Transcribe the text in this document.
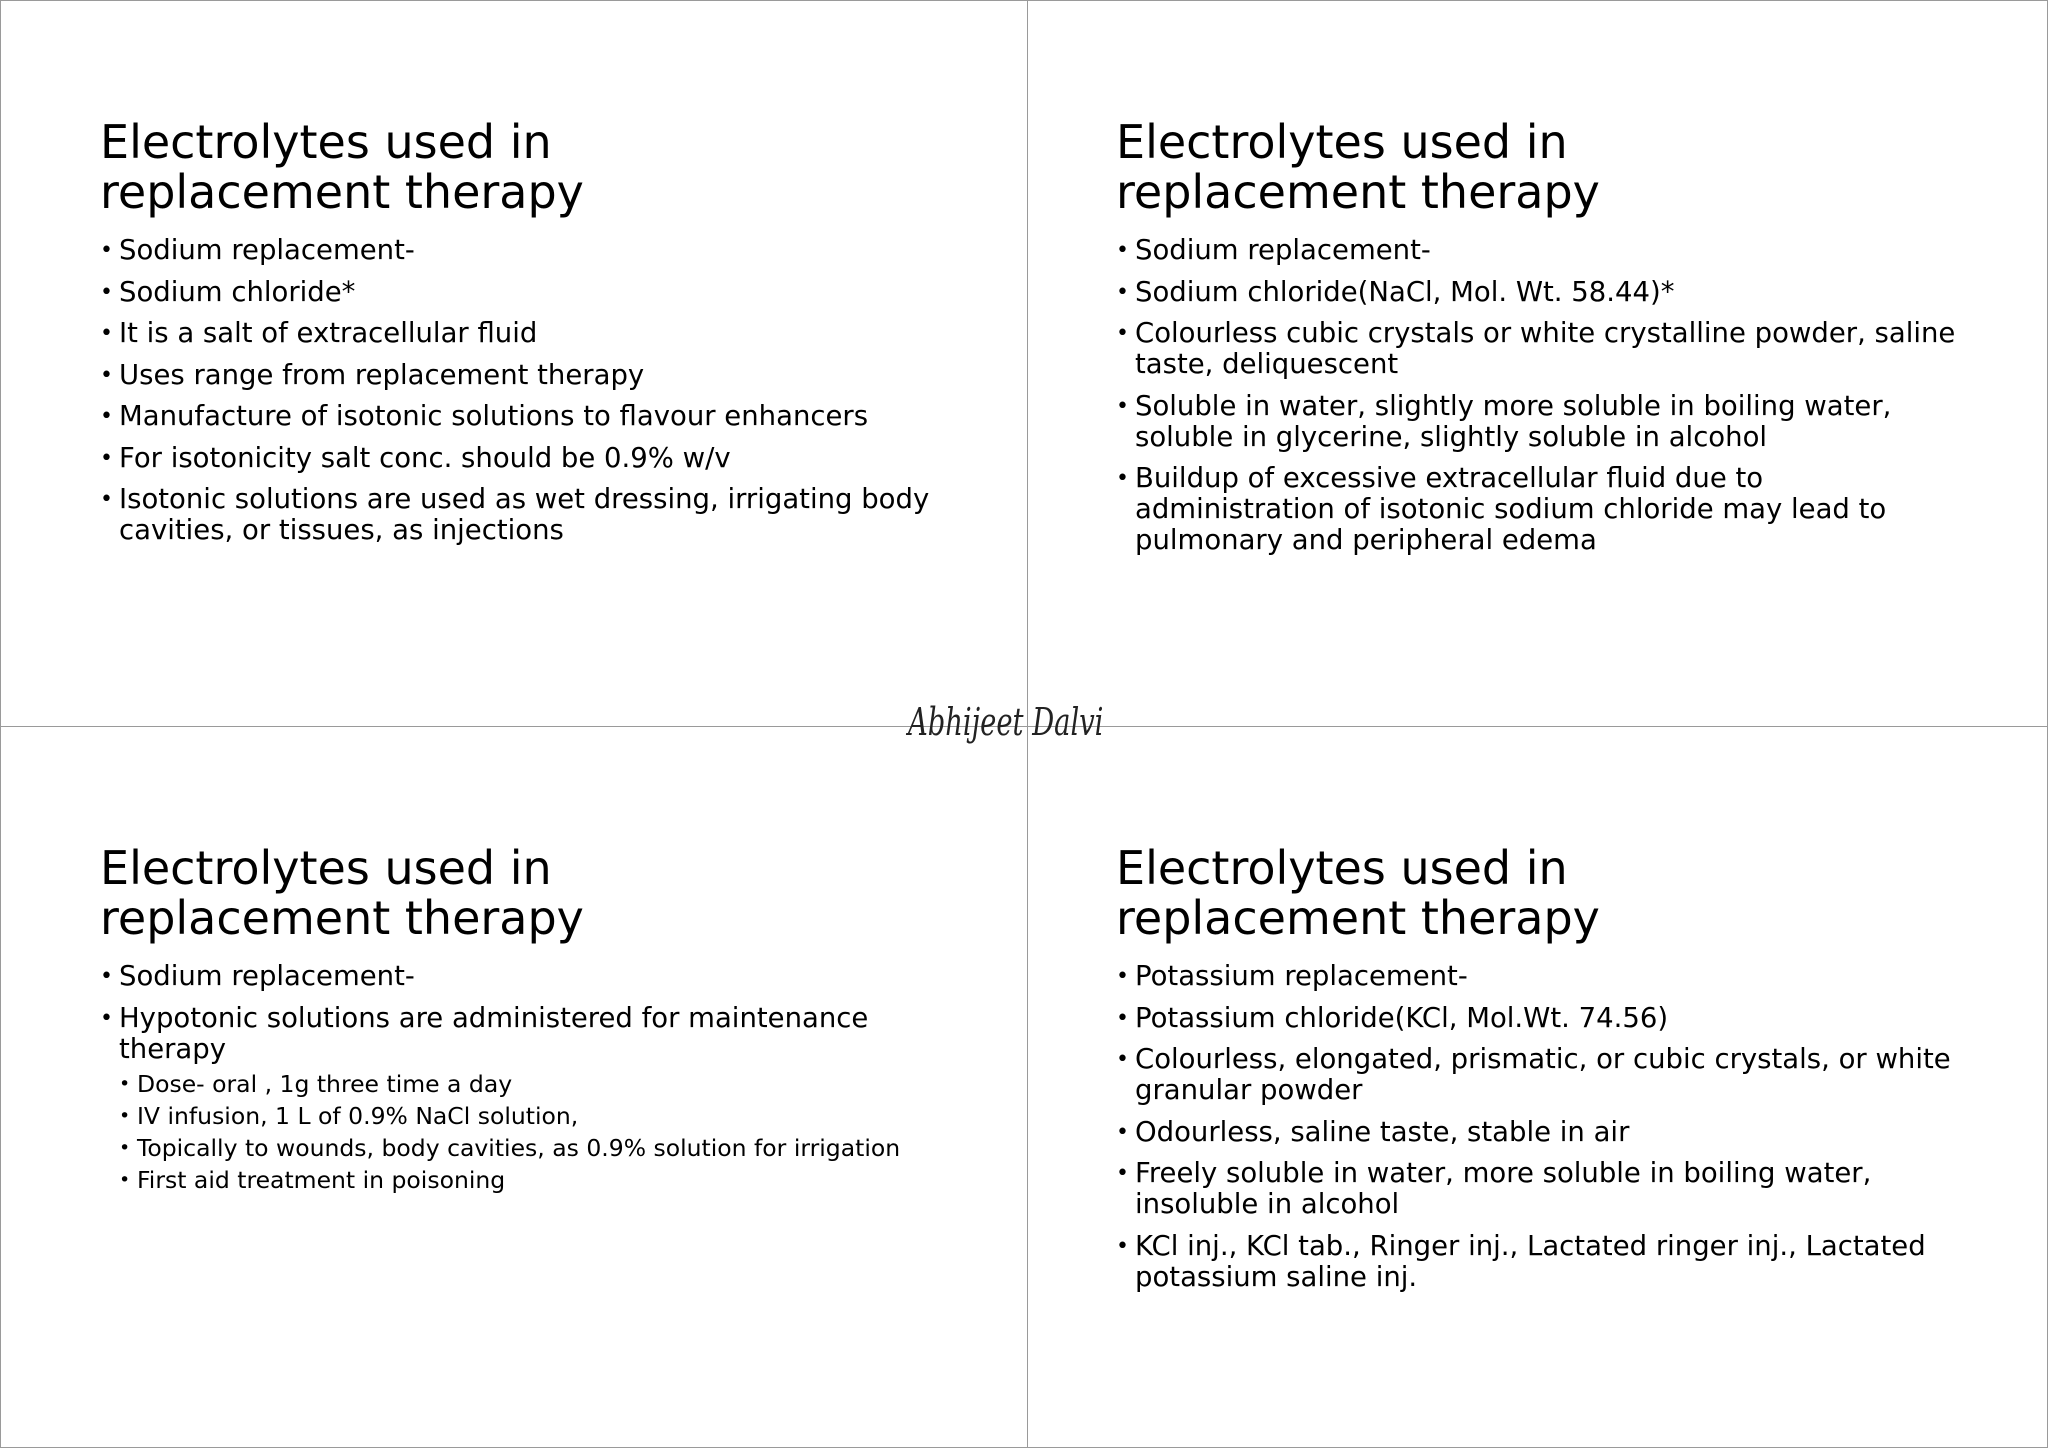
Electrolytes used in replacement therapy
• Sodium replacement-
• Sodium chloride*
• It is a salt of extracellular fluid
• Uses range from replacement therapy
• Manufacture of isotonic solutions to flavour enhancers
• For isotonicity salt conc. should be 0.9% w/v
• Isotonic solutions are used as wet dressing, irrigating body cavities, or tissues, as injections
Electrolytes used in replacement therapy
• Sodium replacement-
• Sodium chloride(NaCl, Mol. Wt. 58.44)*
• Colourless cubic crystals or white crystalline powder, saline taste, deliquescent
• Soluble in water, slightly more soluble in boiling water, soluble in glycerine, slightly soluble in alcohol
• Buildup of excessive extracellular fluid due to administration of isotonic sodium chloride may lead to pulmonary and peripheral edema
Electrolytes used in replacement therapy
• Sodium replacement-
• Hypotonic solutions are administered for maintenance therapy
• Dose- oral , 1g three time a day
• IV infusion, 1 L of 0.9% NaCl solution,
• Topically to wounds, body cavities, as 0.9% solution for irrigation
• First aid treatment in poisoning
Electrolytes used in replacement therapy
• Potassium replacement-
• Potassium chloride(KCl, Mol.Wt. 74.56)
• Colourless, elongated, prismatic, or cubic crystals, or white granular powder
• Odourless, saline taste, stable in air
• Freely soluble in water, more soluble in boiling water, insoluble in alcohol
• KCl inj., KCl tab., Ringer inj., Lactated ringer inj., Lactated potassium saline inj.
Abhijeet Dalvi
